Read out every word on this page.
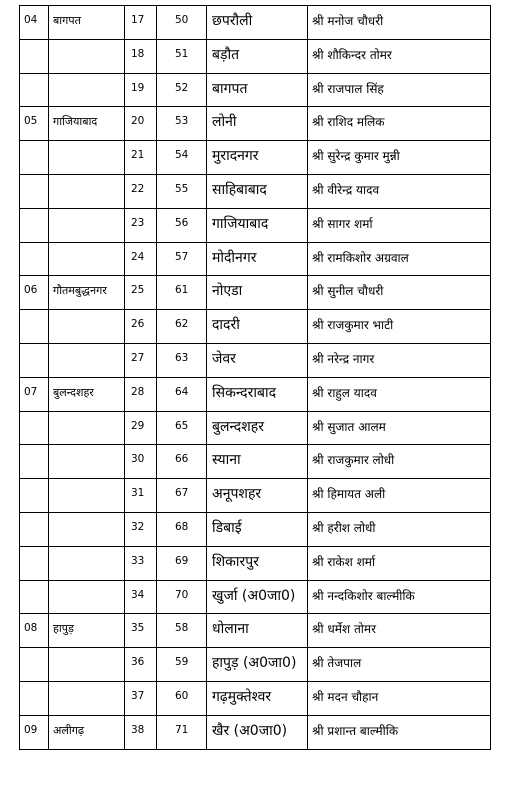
04	बागपत	17	50	छपरौली	श्री मनोज चौधरी
		18	51	बड़ौत	श्री शौकिन्दर तोमर
		19	52	बागपत	श्री राजपाल सिंह
05	गाजियाबाद	20	53	लोनी	श्री राशिद मलिक
		21	54	मुरादनगर	श्री सुरेन्द्र कुमार मुन्नी
		22	55	साहिबाबाद	श्री वीरेन्द्र यादव
		23	56	गाजियाबाद	श्री सागर शर्मा
		24	57	मोदीनगर	श्री रामकिशोर अग्रवाल
06	गौतमबुद्धनगर	25	61	नोएडा	श्री सुनील चौधरी
		26	62	दादरी	श्री राजकुमार भाटी
		27	63	जेवर	श्री नरेन्द्र नागर
07	बुलन्दशहर	28	64	सिकन्दराबाद	श्री राहुल यादव
		29	65	बुलन्दशहर	श्री सुजात आलम
		30	66	स्याना	श्री राजकुमार लोधी
		31	67	अनूपशहर	श्री हिमायत अली
		32	68	डिबाई	श्री हरीश लोधी
		33	69	शिकारपुर	श्री राकेश शर्मा
		34	70	खुर्जा (अ0जा0)	श्री नन्दकिशोर बाल्मीकि
08	हापुड़	35	58	धोलाना	श्री धर्मेश तोमर
		36	59	हापुड़ (अ0जा0)	श्री तेजपाल
		37	60	गढ़मुक्तेश्वर	श्री मदन चौहान
09	अलीगढ़	38	71	खैर (अ0जा0)	श्री प्रशान्त बाल्मीकि
